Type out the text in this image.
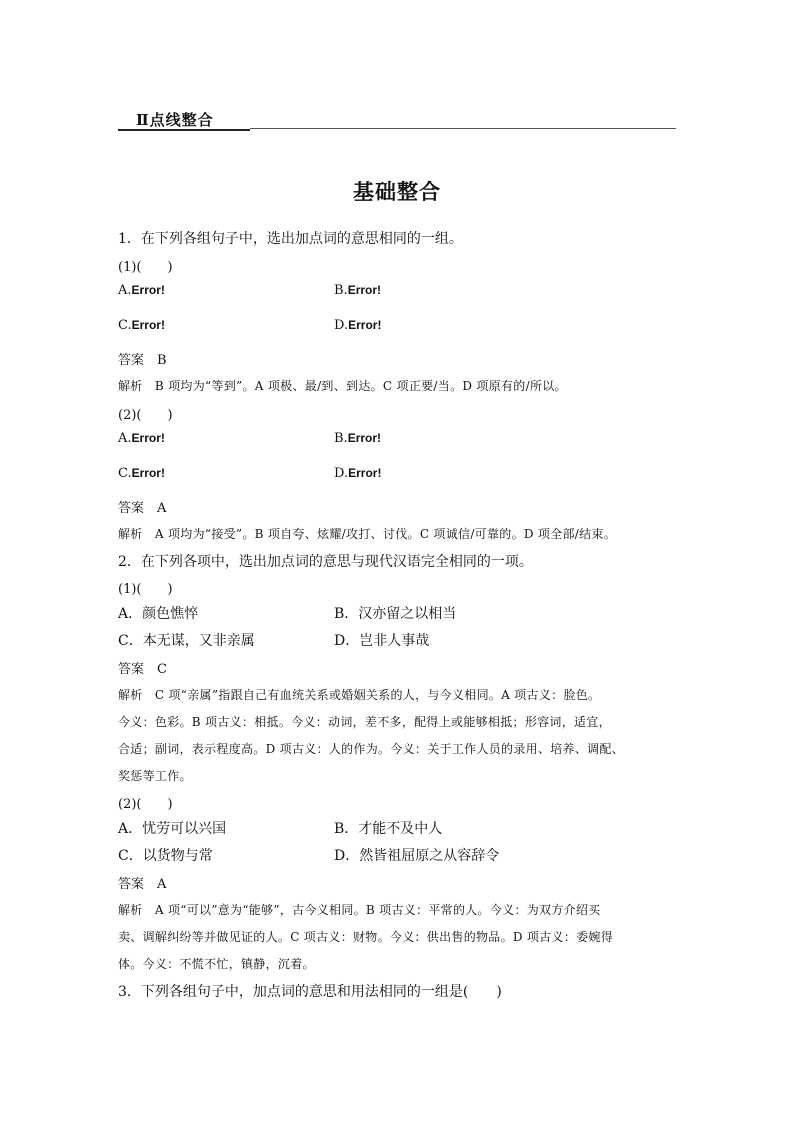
Ⅱ点线整合
基础整合
1．在下列各组句子中，选出加点词的意思相同的一组。
(1)(　　)
A.Error!	B.Error!
C.Error!	D.Error!
答案　B
解析　B 项均为“等到”。A 项极、最/到、到达。C 项正要/当。D 项原有的/所以。
(2)(　　)
A.Error!	B.Error!
C.Error!	D.Error!
答案　A
解析　A 项均为“接受”。B 项自夸、炫耀/攻打、讨伐。C 项诚信/可靠的。D 项全部/结束。
2．在下列各项中，选出加点词的意思与现代汉语完全相同的一项。
(1)(　　)
A．颜色憔悴	B．汉亦留之以相当
C．本无谋，又非亲属	D．岂非人事哉
答案　C
解析　C 项“亲属”指跟自己有血统关系或婚姻关系的人，与今义相同。A 项古义：脸色。
今义：色彩。B 项古义：相抵。今义：动词，差不多，配得上或能够相抵；形容词，适宜，
合适；副词，表示程度高。D 项古义：人的作为。今义：关于工作人员的录用、培养、调配、
奖惩等工作。
(2)(　　)
A．忧劳可以兴国	B．才能不及中人
C．以货物与常	D．然皆祖屈原之从容辞令
答案　A
解析　A 项“可以”意为“能够”，古今义相同。B 项古义：平常的人。今义：为双方介绍买
卖、调解纠纷等并做见证的人。C 项古义：财物。今义：供出售的物品。D 项古义：委婉得
体。今义：不慌不忙，镇静，沉着。
3．下列各组句子中，加点词的意思和用法相同的一组是(　　)
